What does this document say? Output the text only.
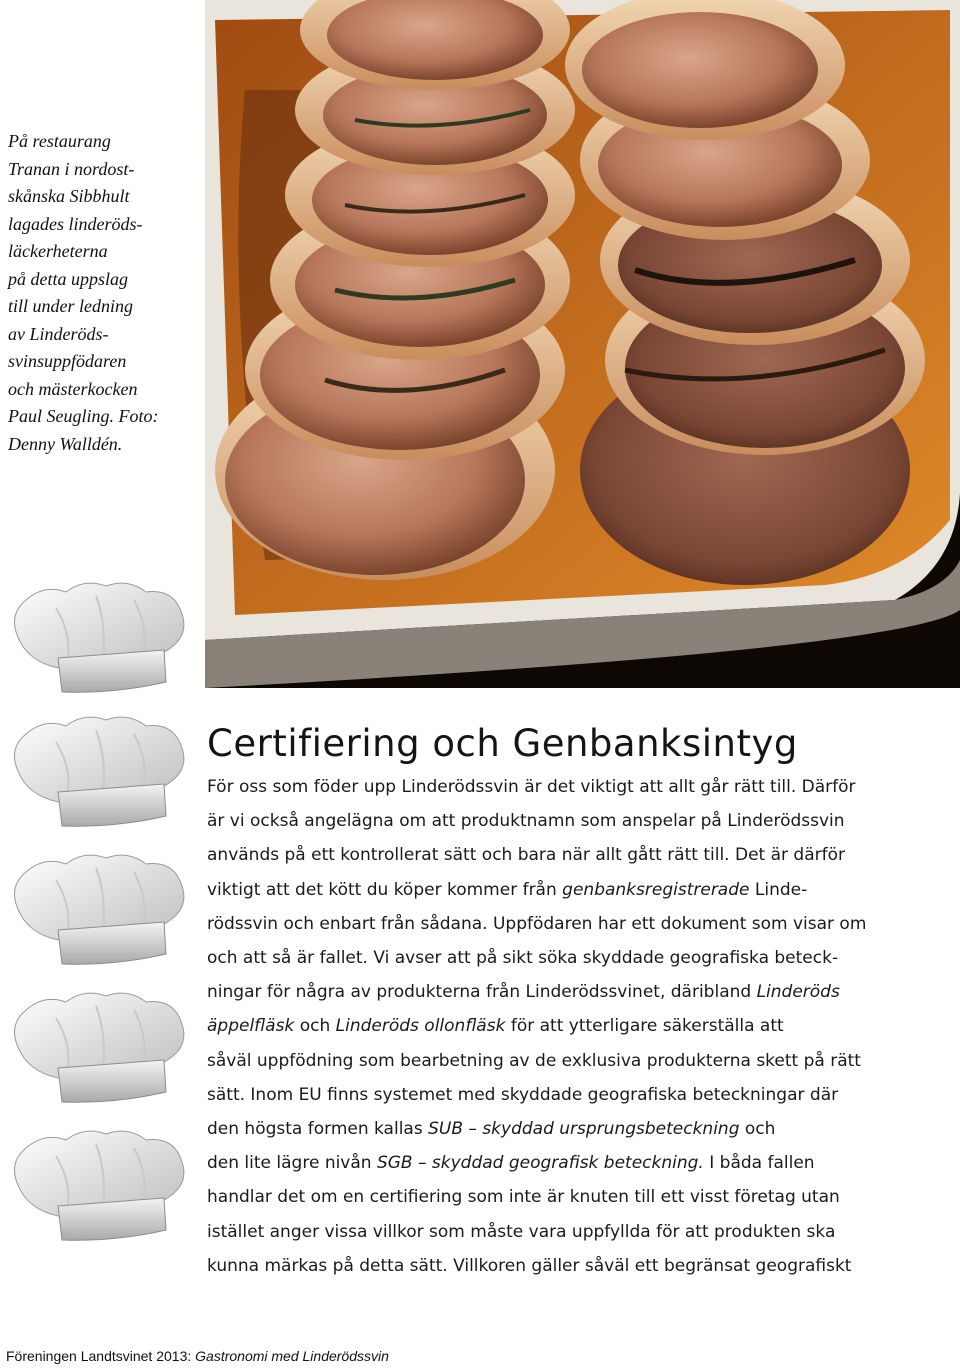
På restaurang
Tranan i nordost-
skånska Sibbhult
lagades linderöds-
läckerheterna
på detta uppslag
till under ledning
av Linderöds-
svinsuppfödaren
och mästerkocken
Paul Seugling. Foto:
Denny Walldén.
Certifiering och Genbanksintyg
För oss som föder upp Linderödssvin är det viktigt att allt går rätt till. Därför
är vi också angelägna om att produktnamn som anspelar på Linderödssvin
används på ett kontrollerat sätt och bara när allt gått rätt till. Det är därför
viktigt att det kött du köper kommer från genbanksregistrerade Linde-
rödssvin och enbart från sådana. Uppfödaren har ett dokument som visar om
och att så är fallet. Vi avser att på sikt söka skyddade geografiska beteck-
ningar för några av produkterna från Linderödssvinet, däribland Linderöds
äppelfläsk och Linderöds ollonfläsk för att ytterligare säkerställa att
såväl uppfödning som bearbetning av de exklusiva produkterna skett på rätt
sätt. Inom EU finns systemet med skyddade geografiska beteckningar där
den högsta formen kallas SUB – skyddad ursprungsbeteckning och
den lite lägre nivån SGB – skyddad geografisk beteckning. I båda fallen
handlar det om en certifiering som inte är knuten till ett visst företag utan
istället anger vissa villkor som måste vara uppfyllda för att produkten ska
kunna märkas på detta sätt. Villkoren gäller såväl ett begränsat geografiskt
Föreningen Landtsvinet 2013: Gastronomi med Linderödssvin
